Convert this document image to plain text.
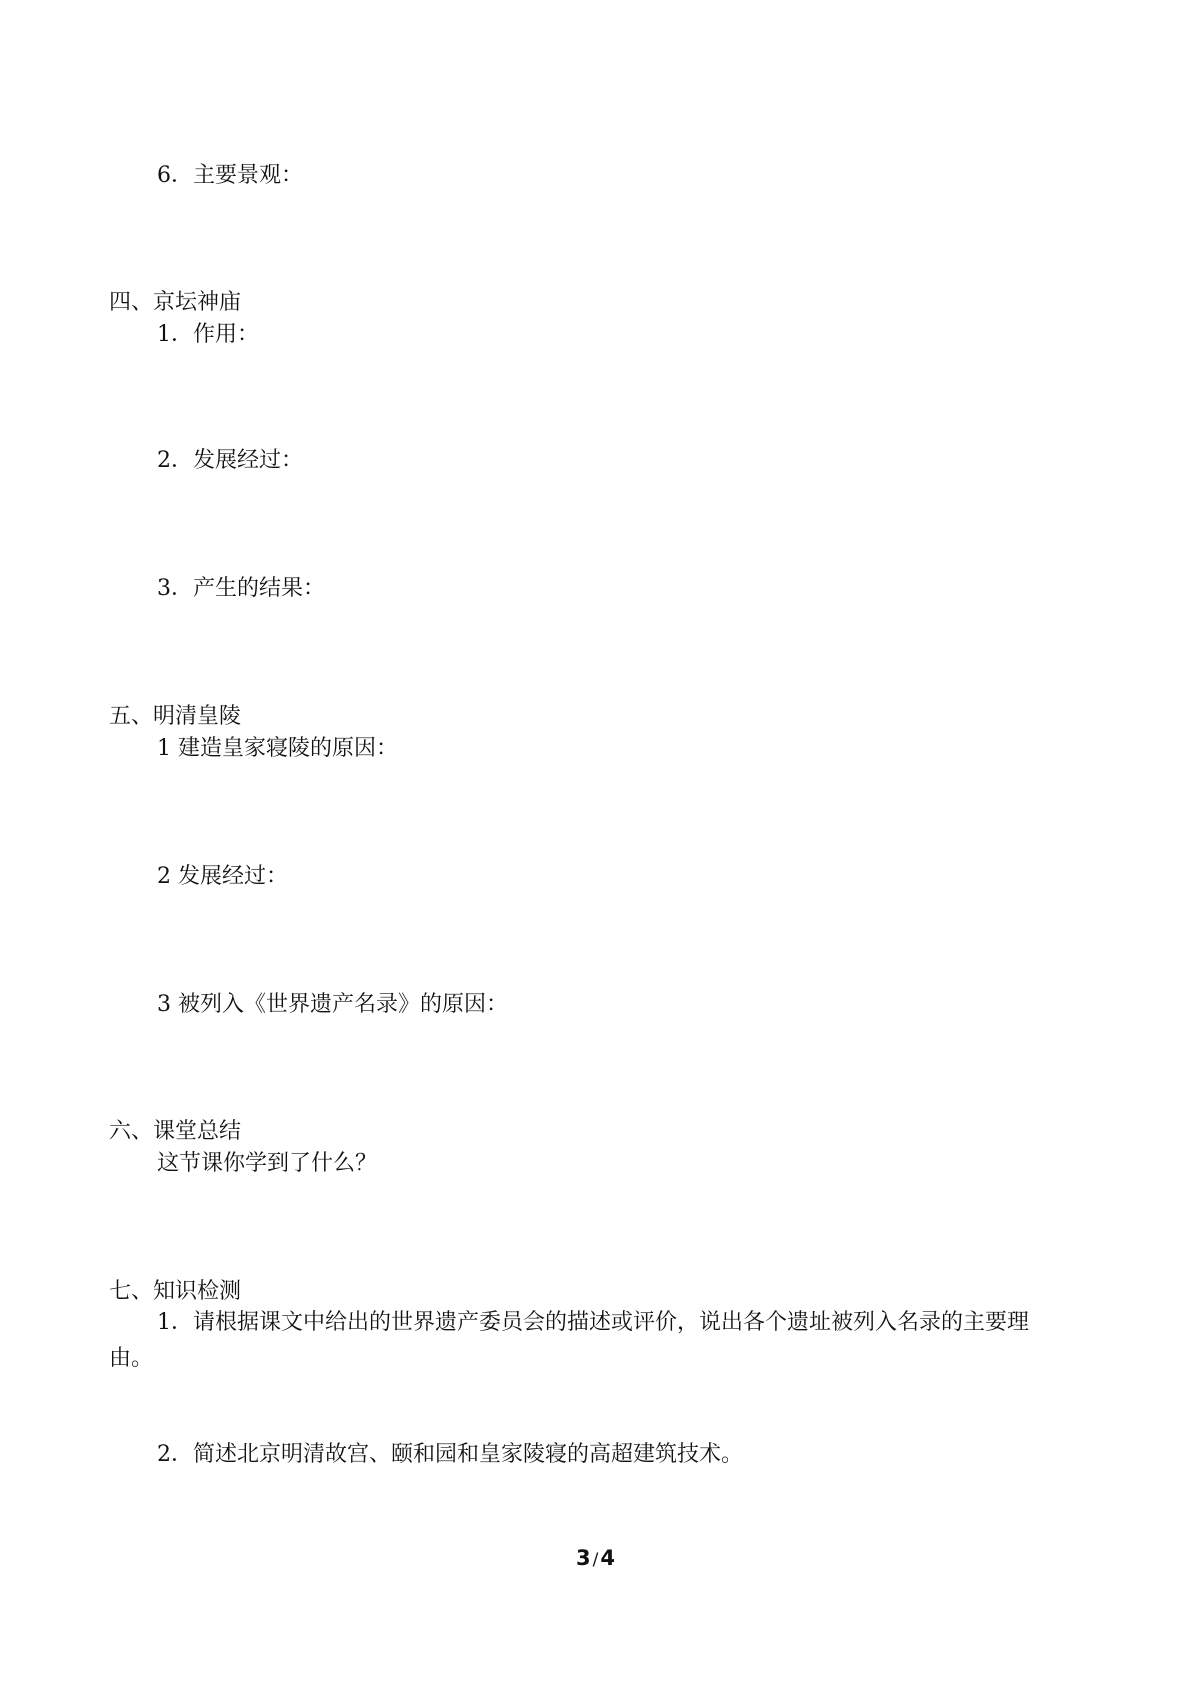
6．主要景观：
四、京坛神庙
1．作用：
2．发展经过：
3．产生的结果：
五、明清皇陵
1 建造皇家寝陵的原因：
2 发展经过：
3 被列入《世界遗产名录》的原因：
六、课堂总结
这节课你学到了什么？
七、知识检测
1．请根据课文中给出的世界遗产委员会的描述或评价，说出各个遗址被列入名录的主要理由。
2．简述北京明清故宫、颐和园和皇家陵寝的高超建筑技术。
3 /4
